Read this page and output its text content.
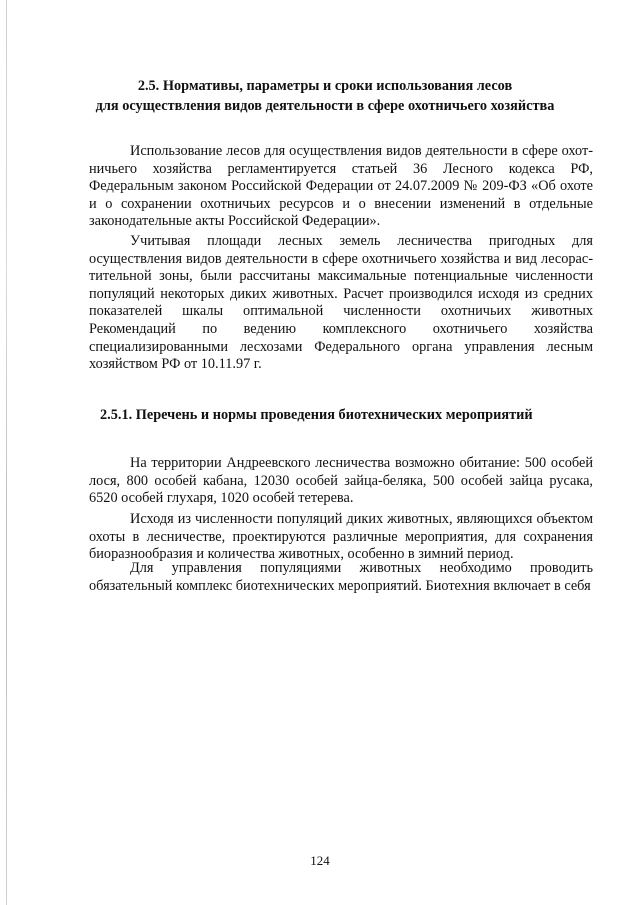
2.5. Нормативы, параметры и сроки использования лесов
для осуществления видов деятельности в сфере охотничьего хозяйства

Использование лесов для осуществления видов деятельности в сфере охотничьего хозяйства регламентируется статьей 36 Лесного кодекса РФ, Федеральным законом Российской Федерации от 24.07.2009 № 209-ФЗ «Об охоте и о сохранении охотничьих ресурсов и о внесении изменений в отдельные законодательные акты Российской Федерации».

Учитывая площади лесных земель лесничества пригодных для осуществления видов деятельности в сфере охотничьего хозяйства и вид лесорастительной зоны, были рассчитаны максимальные потенциальные численности популяций некоторых диких животных. Расчет производился исходя из средних показателей шкалы оптимальной численности охотничьих животных Рекомендаций по ведению комплексного охотничьего хозяйства специализированными лесхозами Федерального органа управления лесным хозяйством РФ от 10.11.97 г.

2.5.1. Перечень и нормы проведения биотехнических мероприятий

На территории Андреевского лесничества возможно обитание: 500 особей лося, 800 особей кабана, 12030 особей зайца-беляка, 500 особей зайца русака, 6520 особей глухаря, 1020 особей тетерева.

Исходя из численности популяций диких животных, являющихся объектом охоты в лесничестве, проектируются различные мероприятия, для сохранения биоразнообразия и количества животных, особенно в зимний период.

Для управления популяциями животных необходимо проводить обязательный комплекс биотехнических мероприятий. Биотехния включает в себя

124
